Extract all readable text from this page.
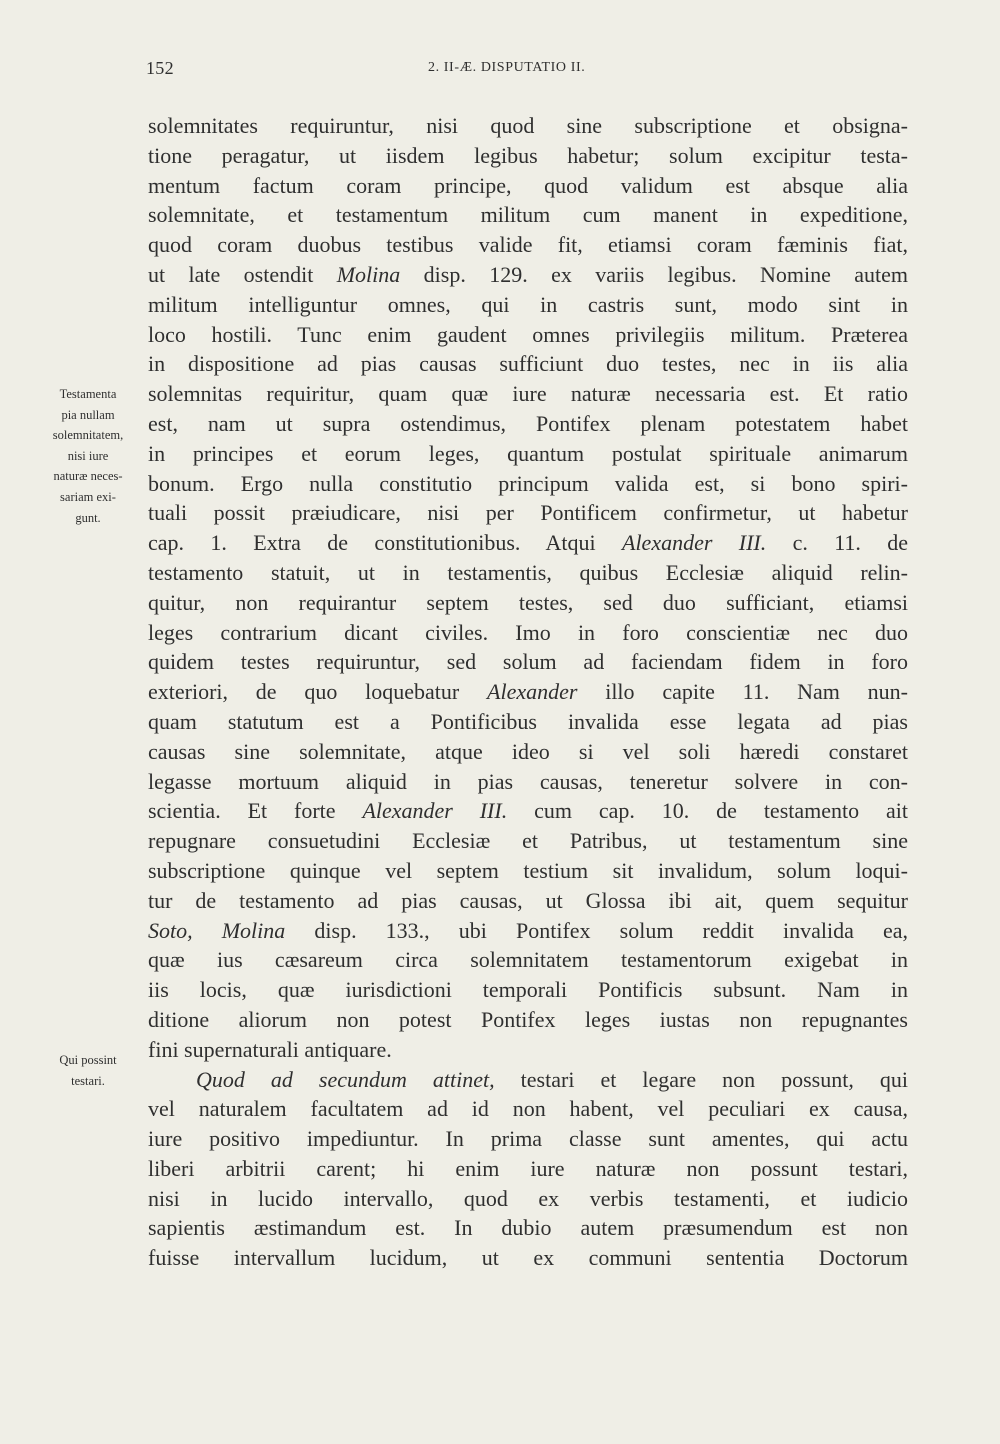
152	2. II-Æ. DISPUTATIO II.
Testamenta
pia nullam
solemnitatem,
nisi iure
naturæ neces-
sariam exi-
gunt.
Qui possint
testari.
solemnitates requiruntur, nisi quod sine subscriptione et obsigna-
tione peragatur, ut iisdem legibus habetur; solum excipitur testa-
mentum factum coram principe, quod validum est absque alia
solemnitate, et testamentum militum cum manent in expeditione,
quod coram duobus testibus valide fit, etiamsi coram fæminis fiat,
ut late ostendit Molina disp. 129. ex variis legibus. Nomine autem
militum intelliguntur omnes, qui in castris sunt, modo sint in
loco hostili. Tunc enim gaudent omnes privilegiis militum. Præterea
in dispositione ad pias causas sufficiunt duo testes, nec in iis alia
solemnitas requiritur, quam quæ iure naturæ necessaria est. Et ratio
est, nam ut supra ostendimus, Pontifex plenam potestatem habet
in principes et eorum leges, quantum postulat spirituale animarum
bonum. Ergo nulla constitutio principum valida est, si bono spiri-
tuali possit præiudicare, nisi per Pontificem confirmetur, ut habetur
cap. 1. Extra de constitutionibus. Atqui Alexander III. c. 11. de
testamento statuit, ut in testamentis, quibus Ecclesiæ aliquid relin-
quitur, non requirantur septem testes, sed duo sufficiant, etiamsi
leges contrarium dicant civiles. Imo in foro conscientiæ nec duo
quidem testes requiruntur, sed solum ad faciendam fidem in foro
exteriori, de quo loquebatur Alexander illo capite 11. Nam nun-
quam statutum est a Pontificibus invalida esse legata ad pias
causas sine solemnitate, atque ideo si vel soli hæredi constaret
legasse mortuum aliquid in pias causas, teneretur solvere in con-
scientia. Et forte Alexander III. cum cap. 10. de testamento ait
repugnare consuetudini Ecclesiæ et Patribus, ut testamentum sine
subscriptione quinque vel septem testium sit invalidum, solum loqui-
tur de testamento ad pias causas, ut Glossa ibi ait, quem sequitur
Soto, Molina disp. 133., ubi Pontifex solum reddit invalida ea,
quæ ius cæsareum circa solemnitatem testamentorum exigebat in
iis locis, quæ iurisdictioni temporali Pontificis subsunt. Nam in
ditione aliorum non potest Pontifex leges iustas non repugnantes
fini supernaturali antiquare.
Quod ad secundum attinet, testari et legare non possunt, qui
vel naturalem facultatem ad id non habent, vel peculiari ex causa,
iure positivo impediuntur. In prima classe sunt amentes, qui actu
liberi arbitrii carent; hi enim iure naturæ non possunt testari,
nisi in lucido intervallo, quod ex verbis testamenti, et iudicio
sapientis æstimandum est. In dubio autem præsumendum est non
fuisse intervallum lucidum, ut ex communi sententia Doctorum
